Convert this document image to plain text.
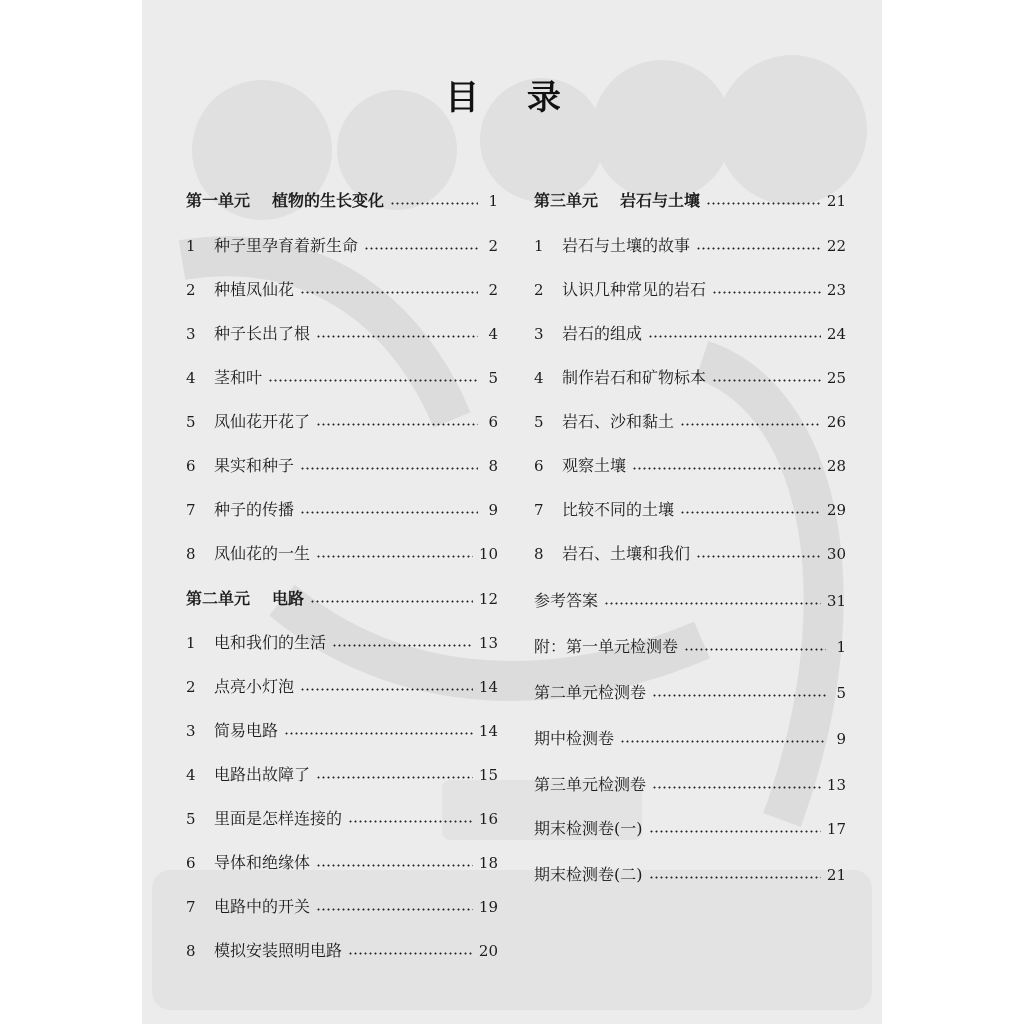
目 录
第一单元 植物的生长变化	1
1	种子里孕育着新生命	2
2	种植凤仙花	2
3	种子长出了根	4
4	茎和叶	5
5	凤仙花开花了	6
6	果实和种子	8
7	种子的传播	9
8	凤仙花的一生	10
第二单元 电路	12
1	电和我们的生活	13
2	点亮小灯泡	14
3	简易电路	14
4	电路出故障了	15
5	里面是怎样连接的	16
6	导体和绝缘体	18
7	电路中的开关	19
8	模拟安装照明电路	20
第三单元 岩石与土壤	21
1	岩石与土壤的故事	22
2	认识几种常见的岩石	23
3	岩石的组成	24
4	制作岩石和矿物标本	25
5	岩石、沙和黏土	26
6	观察土壤	28
7	比较不同的土壤	29
8	岩石、土壤和我们	30
参考答案	31
附：第一单元检测卷	1
第二单元检测卷	5
期中检测卷	9
第三单元检测卷	13
期末检测卷(一)	17
期末检测卷(二)	21
